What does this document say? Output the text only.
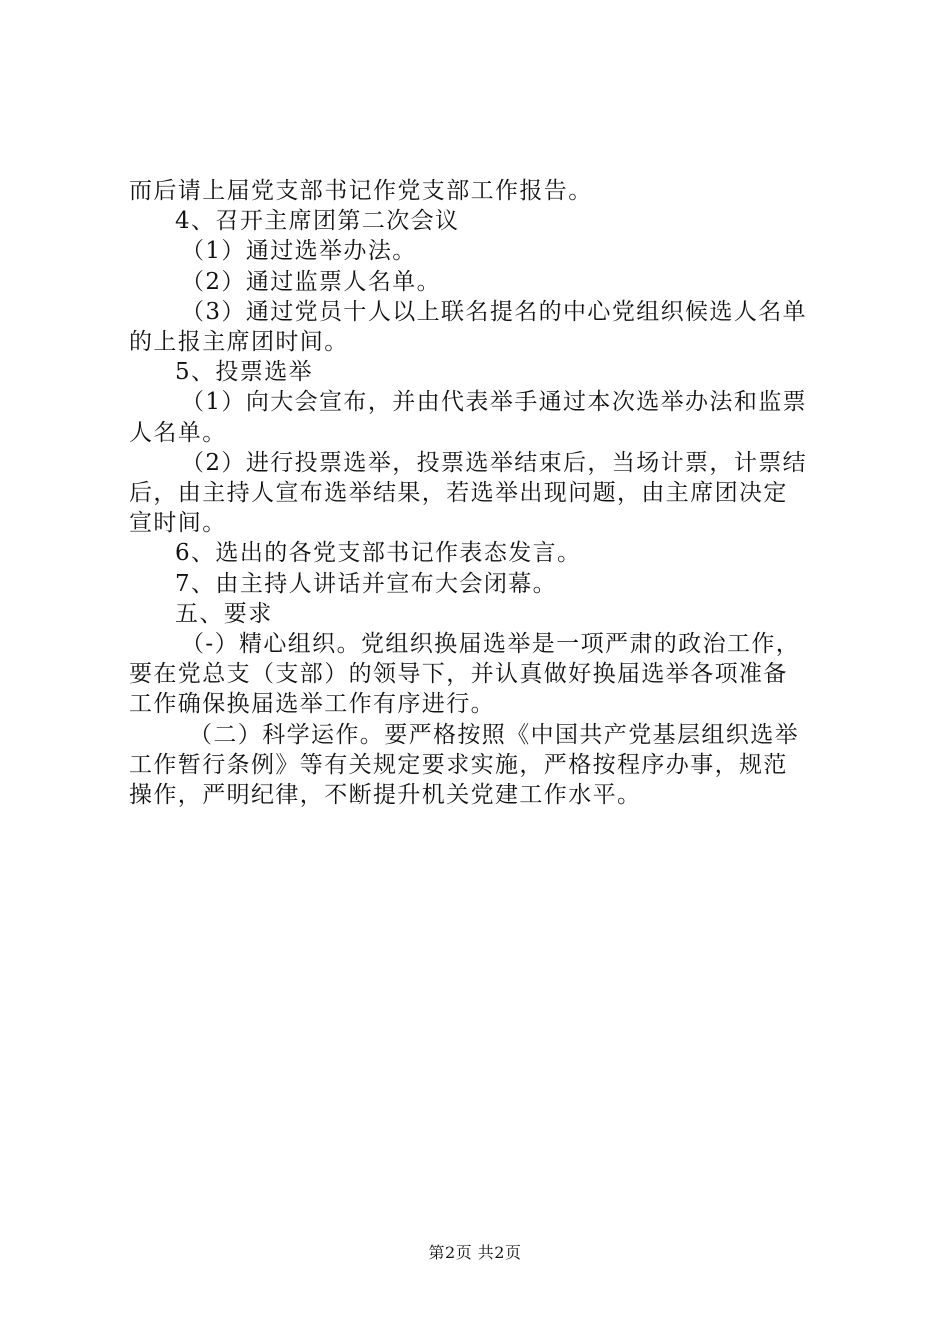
而后请上届党支部书记作党支部工作报告。

4、召开主席团第二次会议

（1）通过选举办法。

（2）通过监票人名单。

（3）通过党员十人以上联名提名的中心党组织候选人名单

的上报主席团时间。

5、投票选举

（1）向大会宣布，并由代表举手通过本次选举办法和监票

人名单。

（2）进行投票选举，投票选举结束后，当场计票，计票结

后，由主持人宣布选举结果，若选举出现问题，由主席团决定

宣时间。

6、选出的各党支部书记作表态发言。

7、由主持人讲话并宣布大会闭幕。

五、要求

（-）精心组织。党组织换届选举是一项严肃的政治工作，

要在党总支（支部）的领导下，并认真做好换届选举各项准备

工作确保换届选举工作有序进行。

（二）科学运作。要严格按照《中国共产党基层组织选举

工作暂行条例》等有关规定要求实施，严格按程序办事，规范

操作，严明纪律，不断提升机关党建工作水平。

第2页 共2页
